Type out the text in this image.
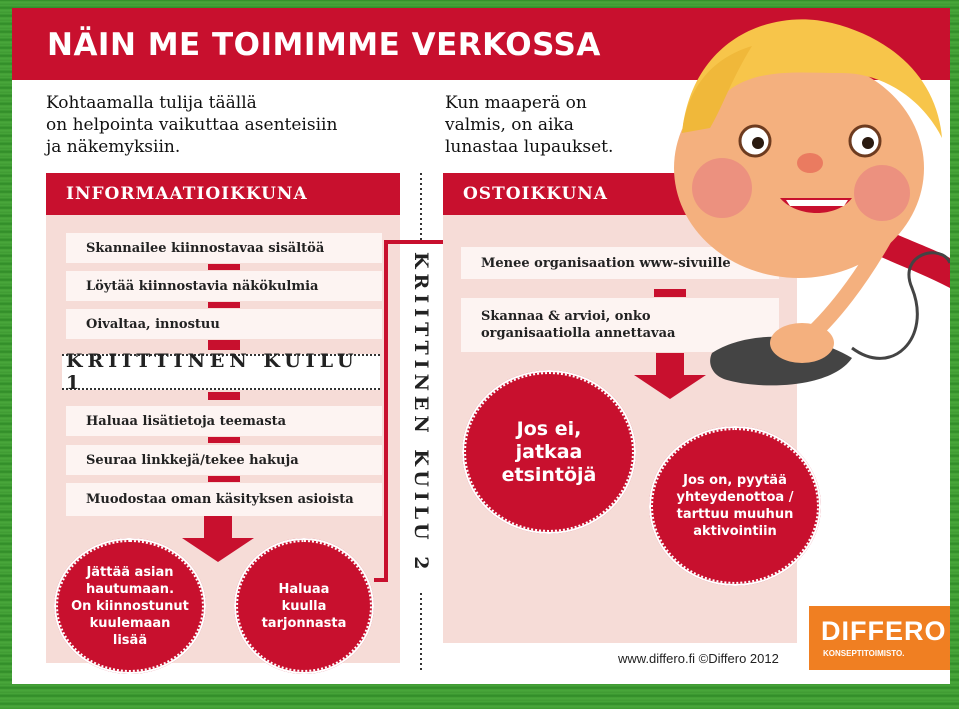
NÄIN ME TOIMIMME VERKOSSA
Kohtaamalla tulija täällä
on helpointa vaikuttaa asenteisiin
ja näkemyksiin.
Kun maaperä on
valmis, on aika
lunastaa lupaukset.
INFORMAATIOIKKUNA
Skannailee kiinnostavaa sisältöä
Löytää kiinnostavia näkökulmia
Oivaltaa, innostuu
KRIITTINEN KUILU 1
Haluaa lisätietoja teemasta
Seuraa linkkejä/tekee hakuja
Muodostaa oman käsityksen asioista
Jättää asian
hautumaan.
On kiinnostunut
kuulemaan
lisää
Haluaa
kuulla
tarjonnasta
KRIITTINEN KUILU 2
OSTOIKKUNA
Menee organisaation www-sivuille
Skannaa & arvioi, onko
organisaatiolla annettavaa
Jos ei,
jatkaa
etsintöjä	Jos on, pyytää
yhteydenottoa /
tarttuu muuhun
aktivointiin
www.differo.fi ©Differo 2012
DIFFERO
KONSEPTITOIMISTO.
